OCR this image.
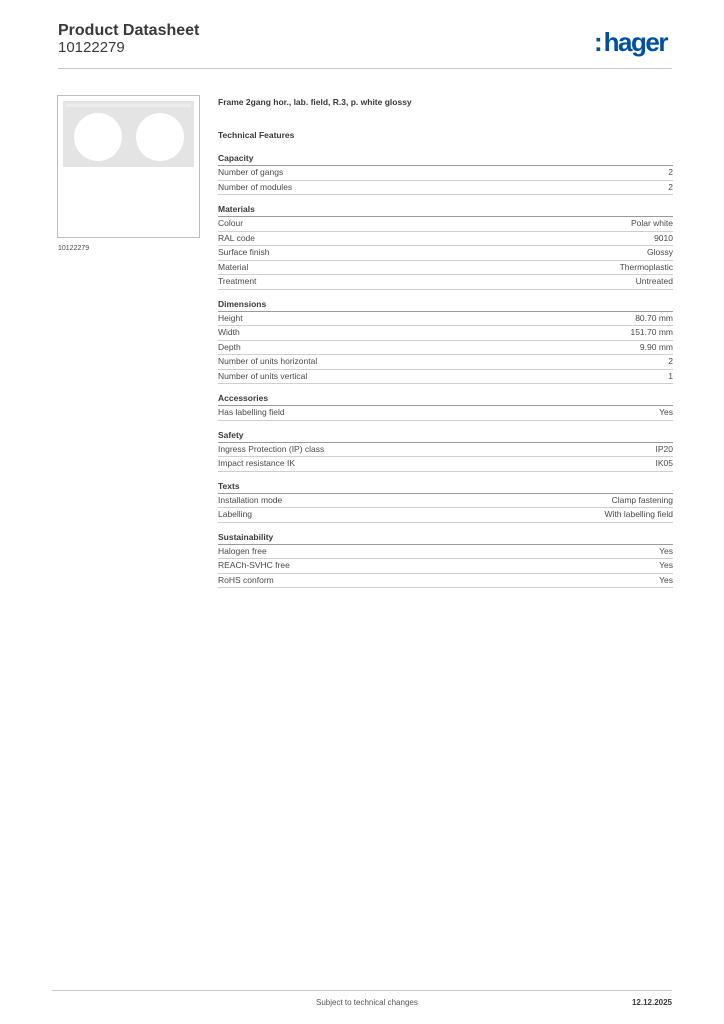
Product Datasheet
10122279	:hager
10122279
Frame 2gang hor., lab. field, R.3, p. white glossy
Technical Features
Capacity
Number of gangs	2
Number of modules	2
Materials
Colour	Polar white
RAL code	9010
Surface finish	Glossy
Material	Thermoplastic
Treatment	Untreated
Dimensions
Height	80.70 mm
Width	151.70 mm
Depth	9.90 mm
Number of units horizontal	2
Number of units vertical	1
Accessories
Has labelling field	Yes
Safety
Ingress Protection (IP) class	IP20
Impact resistance IK	IK05
Texts
Installation mode	Clamp fastening
Labelling	With labelling field
Sustainability
Halogen free	Yes
REACh-SVHC free	Yes
RoHS conform	Yes
Subject to technical changes	12.12.2025
